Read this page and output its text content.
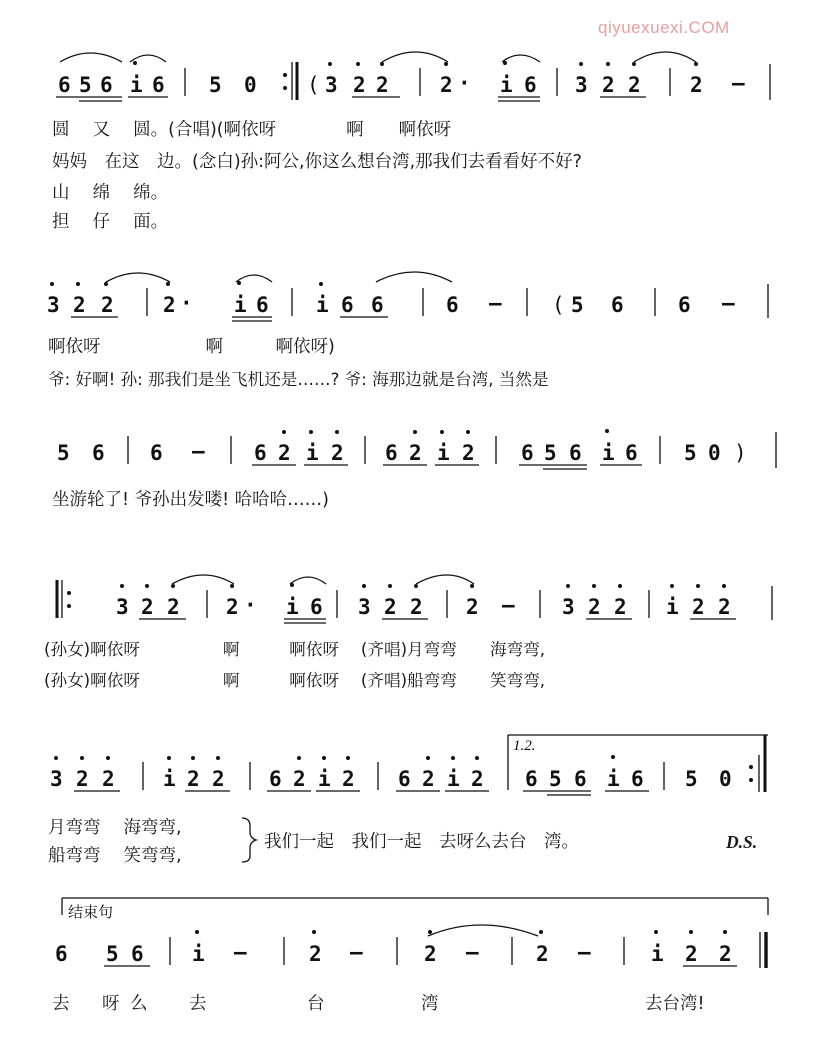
qiyuexuexi.COM
6 5 6 i 6 5 0	3 2 2 2 i 6 3 2 2 2
·	–
(
3 2 2 2	i 6 i 6 6	6	5 6	6
·	–	–
(
5 6 6	6 2 i 2 6 2 i 2 6 5 6 i 6 5 0
–	)
3 2 2 2 i 6 3 2 2 2	3 2 2 i 2 2
·	–
3 2 2 i 2 2 6 2 i 2 6 2 i 2 6 5 6 i 6 5 0
6 5 6 i	2	2	2	i 2 2
–	–	–	–
圆　 又　 圆。(合唱)(啊依呀　　　　啊　　啊依呀
妈妈　在这　边。(念白)孙:阿公,你这么想台湾,那我们去看看好不好?
山　 绵　 绵。
担　 仔　 面。
啊依呀　　　　　　啊　　　啊依呀)
爷: 好啊! 孙: 那我们是坐飞机还是……? 爷: 海那边就是台湾, 当然是
坐游轮了! 爷孙出发喽! 哈哈哈……)
(孙女)啊依呀　　　　　啊　　　啊依呀　 (齐唱)月弯弯　　海弯弯,
(孙女)啊依呀　　　　　啊　　　啊依呀　 (齐唱)船弯弯　　笑弯弯,
月弯弯　 海弯弯,
船弯弯　 笑弯弯,
我们一起　我们一起　去呀么去台　湾。	D.S.
去 呀 么 去	台	湾	去台湾!
1.2.
结束句
